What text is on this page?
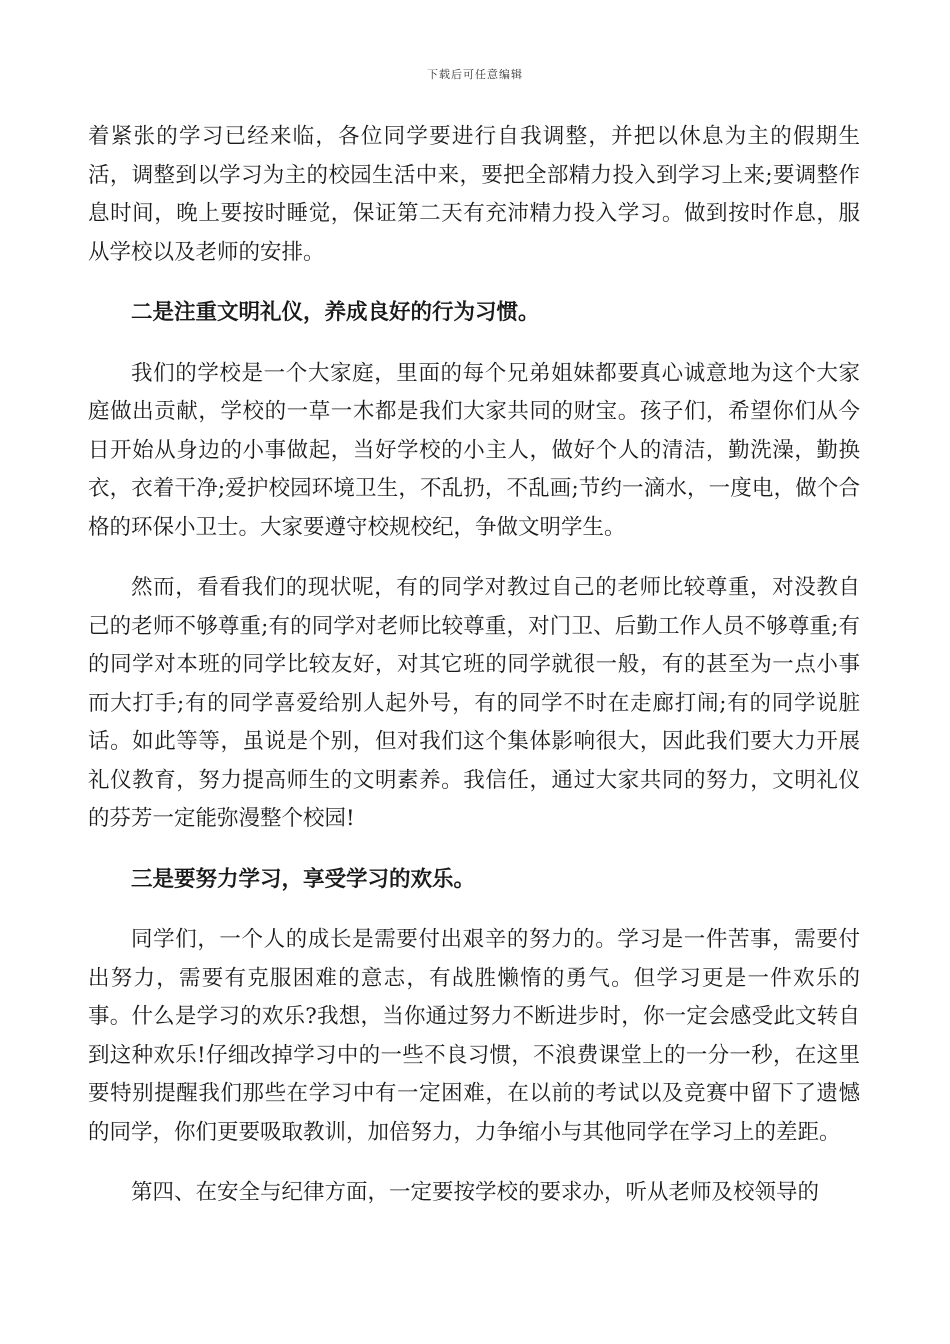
下载后可任意编辑

着紧张的学习已经来临，各位同学要进行自我调整，并把以休息为主的假期生活，调整到以学习为主的校园生活中来，要把全部精力投入到学习上来;要调整作息时间，晚上要按时睡觉，保证第二天有充沛精力投入学习。做到按时作息，服从学校以及老师的安排。

二是注重文明礼仪，养成良好的行为习惯。

我们的学校是一个大家庭，里面的每个兄弟姐妹都要真心诚意地为这个大家庭做出贡献，学校的一草一木都是我们大家共同的财宝。孩子们，希望你们从今日开始从身边的小事做起，当好学校的小主人，做好个人的清洁，勤洗澡，勤换衣，衣着干净;爱护校园环境卫生，不乱扔，不乱画;节约一滴水，一度电，做个合格的环保小卫士。大家要遵守校规校纪，争做文明学生。

然而，看看我们的现状呢，有的同学对教过自己的老师比较尊重，对没教自己的老师不够尊重;有的同学对老师比较尊重，对门卫、后勤工作人员不够尊重;有的同学对本班的同学比较友好，对其它班的同学就很一般，有的甚至为一点小事而大打手;有的同学喜爱给别人起外号，有的同学不时在走廊打闹;有的同学说脏话。如此等等，虽说是个别，但对我们这个集体影响很大，因此我们要大力开展礼仪教育，努力提高师生的文明素养。我信任，通过大家共同的努力，文明礼仪的芬芳一定能弥漫整个校园!

三是要努力学习，享受学习的欢乐。

同学们，一个人的成长是需要付出艰辛的努力的。学习是一件苦事，需要付出努力，需要有克服困难的意志，有战胜懒惰的勇气。但学习更是一件欢乐的事。什么是学习的欢乐?我想，当你通过努力不断进步时，你一定会感受此文转自 到这种欢乐!仔细改掉学习中的一些不良习惯，不浪费课堂上的一分一秒，在这里要特别提醒我们那些在学习中有一定困难，在以前的考试以及竞赛中留下了遗憾的同学，你们更要吸取教训，加倍努力，力争缩小与其他同学在学习上的差距。

第四、在安全与纪律方面，一定要按学校的要求办，听从老师及校领导的
